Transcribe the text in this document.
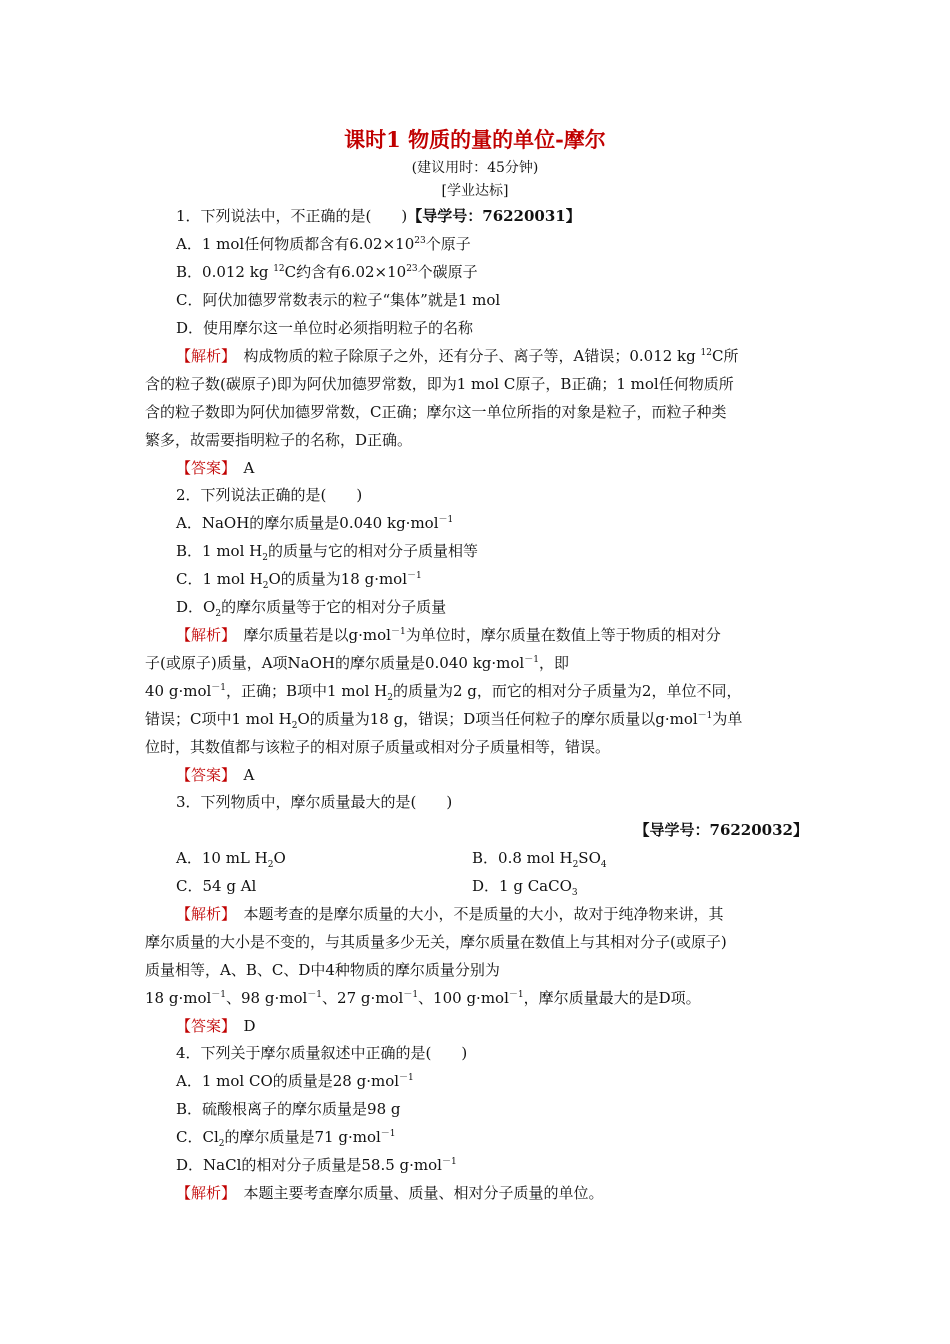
课时1 物质的量的单位-摩尔
(建议用时：45分钟)
[学业达标]
1．下列说法中，不正确的是(　　)【导学号：76220031】
A．1 mol任何物质都含有$6.02\times 10^{23}$个原子
B．0.012 kg $^{12}$C约含有$6.02\times 10^{23}$个碳原子
C．阿伏加德罗常数表示的粒子“集体”就是1 mol
D．使用摩尔这一单位时必须指明粒子的名称
【解析】　构成物质的粒子除原子之外，还有分子、离子等，A错误；0.012 kg $^{12}$C所
含的粒子数(碳原子)即为阿伏加德罗常数，即为1 mol C原子，B正确；1 mol任何物质所
含的粒子数即为阿伏加德罗常数，C正确；摩尔这一单位所指的对象是粒子，而粒子种类
繁多，故需要指明粒子的名称，D正确。
【答案】　A
2．下列说法正确的是(　　)
A．NaOH的摩尔质量是0.040 kg·mol$^{-1}$
B．1 mol $H_2$的质量与它的相对分子质量相等
C．1 mol $H_2O$的质量为18 g·mol$^{-1}$
D．$O_2$的摩尔质量等于它的相对分子质量
【解析】　摩尔质量若是以g·mol$^{-1}$为单位时，摩尔质量在数值上等于物质的相对分
子(或原子)质量，A项NaOH的摩尔质量是0.040 kg·mol$^{-1}$，即
40 g·mol$^{-1}$，正确；B项中1 mol $H_2$的质量为2 g，而它的相对分子质量为2，单位不同，
错误；C项中1 mol $H_2O$的质量为18 g，错误；D项当任何粒子的摩尔质量以g·mol$^{-1}$为单
位时，其数值都与该粒子的相对原子质量或相对分子质量相等，错误。
【答案】　A
3．下列物质中，摩尔质量最大的是(　　)
【导学号：76220032】
A．10 mL $H_2O$	B．0.8 mol $H_2SO_4$
C．54 g Al	D．1 g CaCO$_3$
【解析】　本题考查的是摩尔质量的大小，不是质量的大小，故对于纯净物来讲，其
摩尔质量的大小是不变的，与其质量多少无关，摩尔质量在数值上与其相对分子(或原子)
质量相等，A、B、C、D中4种物质的摩尔质量分别为
18 g·mol$^{-1}$、98 g·mol$^{-1}$、27 g·mol$^{-1}$、100 g·mol$^{-1}$，摩尔质量最大的是D项。
【答案】　D
4．下列关于摩尔质量叙述中正确的是(　　)
A．1 mol CO的质量是28 g·mol$^{-1}$
B．硫酸根离子的摩尔质量是98 g
C．$Cl_2$的摩尔质量是71 g·mol$^{-1}$
D．NaCl的相对分子质量是58.5 g·mol$^{-1}$
【解析】　本题主要考查摩尔质量、质量、相对分子质量的单位。
